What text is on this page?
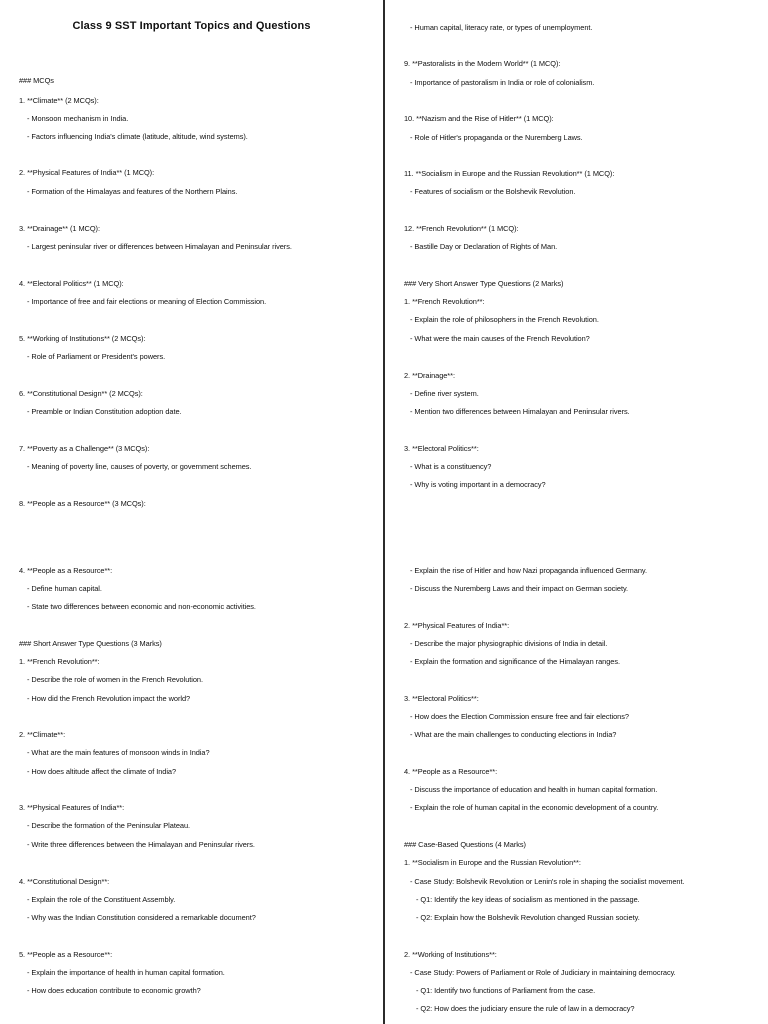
Class 9 SST Important Topics and Questions
### MCQs
1. **Climate** (2 MCQs):
- Monsoon mechanism in India.
- Factors influencing India's climate (latitude, altitude, wind systems).
2. **Physical Features of India** (1 MCQ):
- Formation of the Himalayas and features of the Northern Plains.
3. **Drainage** (1 MCQ):
- Largest peninsular river or differences between Himalayan and Peninsular rivers.
4. **Electoral Politics** (1 MCQ):
- Importance of free and fair elections or meaning of Election Commission.
5. **Working of Institutions** (2 MCQs):
- Role of Parliament or President's powers.
6. **Constitutional Design** (2 MCQs):
- Preamble or Indian Constitution adoption date.
7. **Poverty as a Challenge** (3 MCQs):
- Meaning of poverty line, causes of poverty, or government schemes.
8. **People as a Resource** (3 MCQs):
4. **People as a Resource**:
- Define human capital.
- State two differences between economic and non-economic activities.
### Short Answer Type Questions (3 Marks)
1. **French Revolution**:
- Describe the role of women in the French Revolution.
- How did the French Revolution impact the world?
2. **Climate**:
- What are the main features of monsoon winds in India?
- How does altitude affect the climate of India?
3. **Physical Features of India**:
- Describe the formation of the Peninsular Plateau.
- Write three differences between the Himalayan and Peninsular rivers.
4. **Constitutional Design**:
- Explain the role of the Constituent Assembly.
- Why was the Indian Constitution considered a remarkable document?
5. **People as a Resource**:
- Explain the importance of health in human capital formation.
- How does education contribute to economic growth?
- Human capital, literacy rate, or types of unemployment.
9. **Pastoralists in the Modern World** (1 MCQ):
- Importance of pastoralism in India or role of colonialism.
10. **Nazism and the Rise of Hitler** (1 MCQ):
- Role of Hitler's propaganda or the Nuremberg Laws.
11. **Socialism in Europe and the Russian Revolution** (1 MCQ):
- Features of socialism or the Bolshevik Revolution.
12. **French Revolution** (1 MCQ):
- Bastille Day or Declaration of Rights of Man.
### Very Short Answer Type Questions (2 Marks)
1. **French Revolution**:
- Explain the role of philosophers in the French Revolution.
- What were the main causes of the French Revolution?
2. **Drainage**:
- Define river system.
- Mention two differences between Himalayan and Peninsular rivers.
3. **Electoral Politics**:
- What is a constituency?
- Why is voting important in a democracy?
- Explain the rise of Hitler and how Nazi propaganda influenced Germany.
- Discuss the Nuremberg Laws and their impact on German society.
2. **Physical Features of India**:
- Describe the major physiographic divisions of India in detail.
- Explain the formation and significance of the Himalayan ranges.
3. **Electoral Politics**:
- How does the Election Commission ensure free and fair elections?
- What are the main challenges to conducting elections in India?
4. **People as a Resource**:
- Discuss the importance of education and health in human capital formation.
- Explain the role of human capital in the economic development of a country.
### Case-Based Questions (4 Marks)
1. **Socialism in Europe and the Russian Revolution**:
- Case Study: Bolshevik Revolution or Lenin's role in shaping the socialist movement.
- Q1: Identify the key ideas of socialism as mentioned in the passage.
- Q2: Explain how the Bolshevik Revolution changed Russian society.
2. **Working of Institutions**:
- Case Study: Powers of Parliament or Role of Judiciary in maintaining democracy.
- Q1: Identify two functions of Parliament from the case.
- Q2: How does the judiciary ensure the rule of law in a democracy?
